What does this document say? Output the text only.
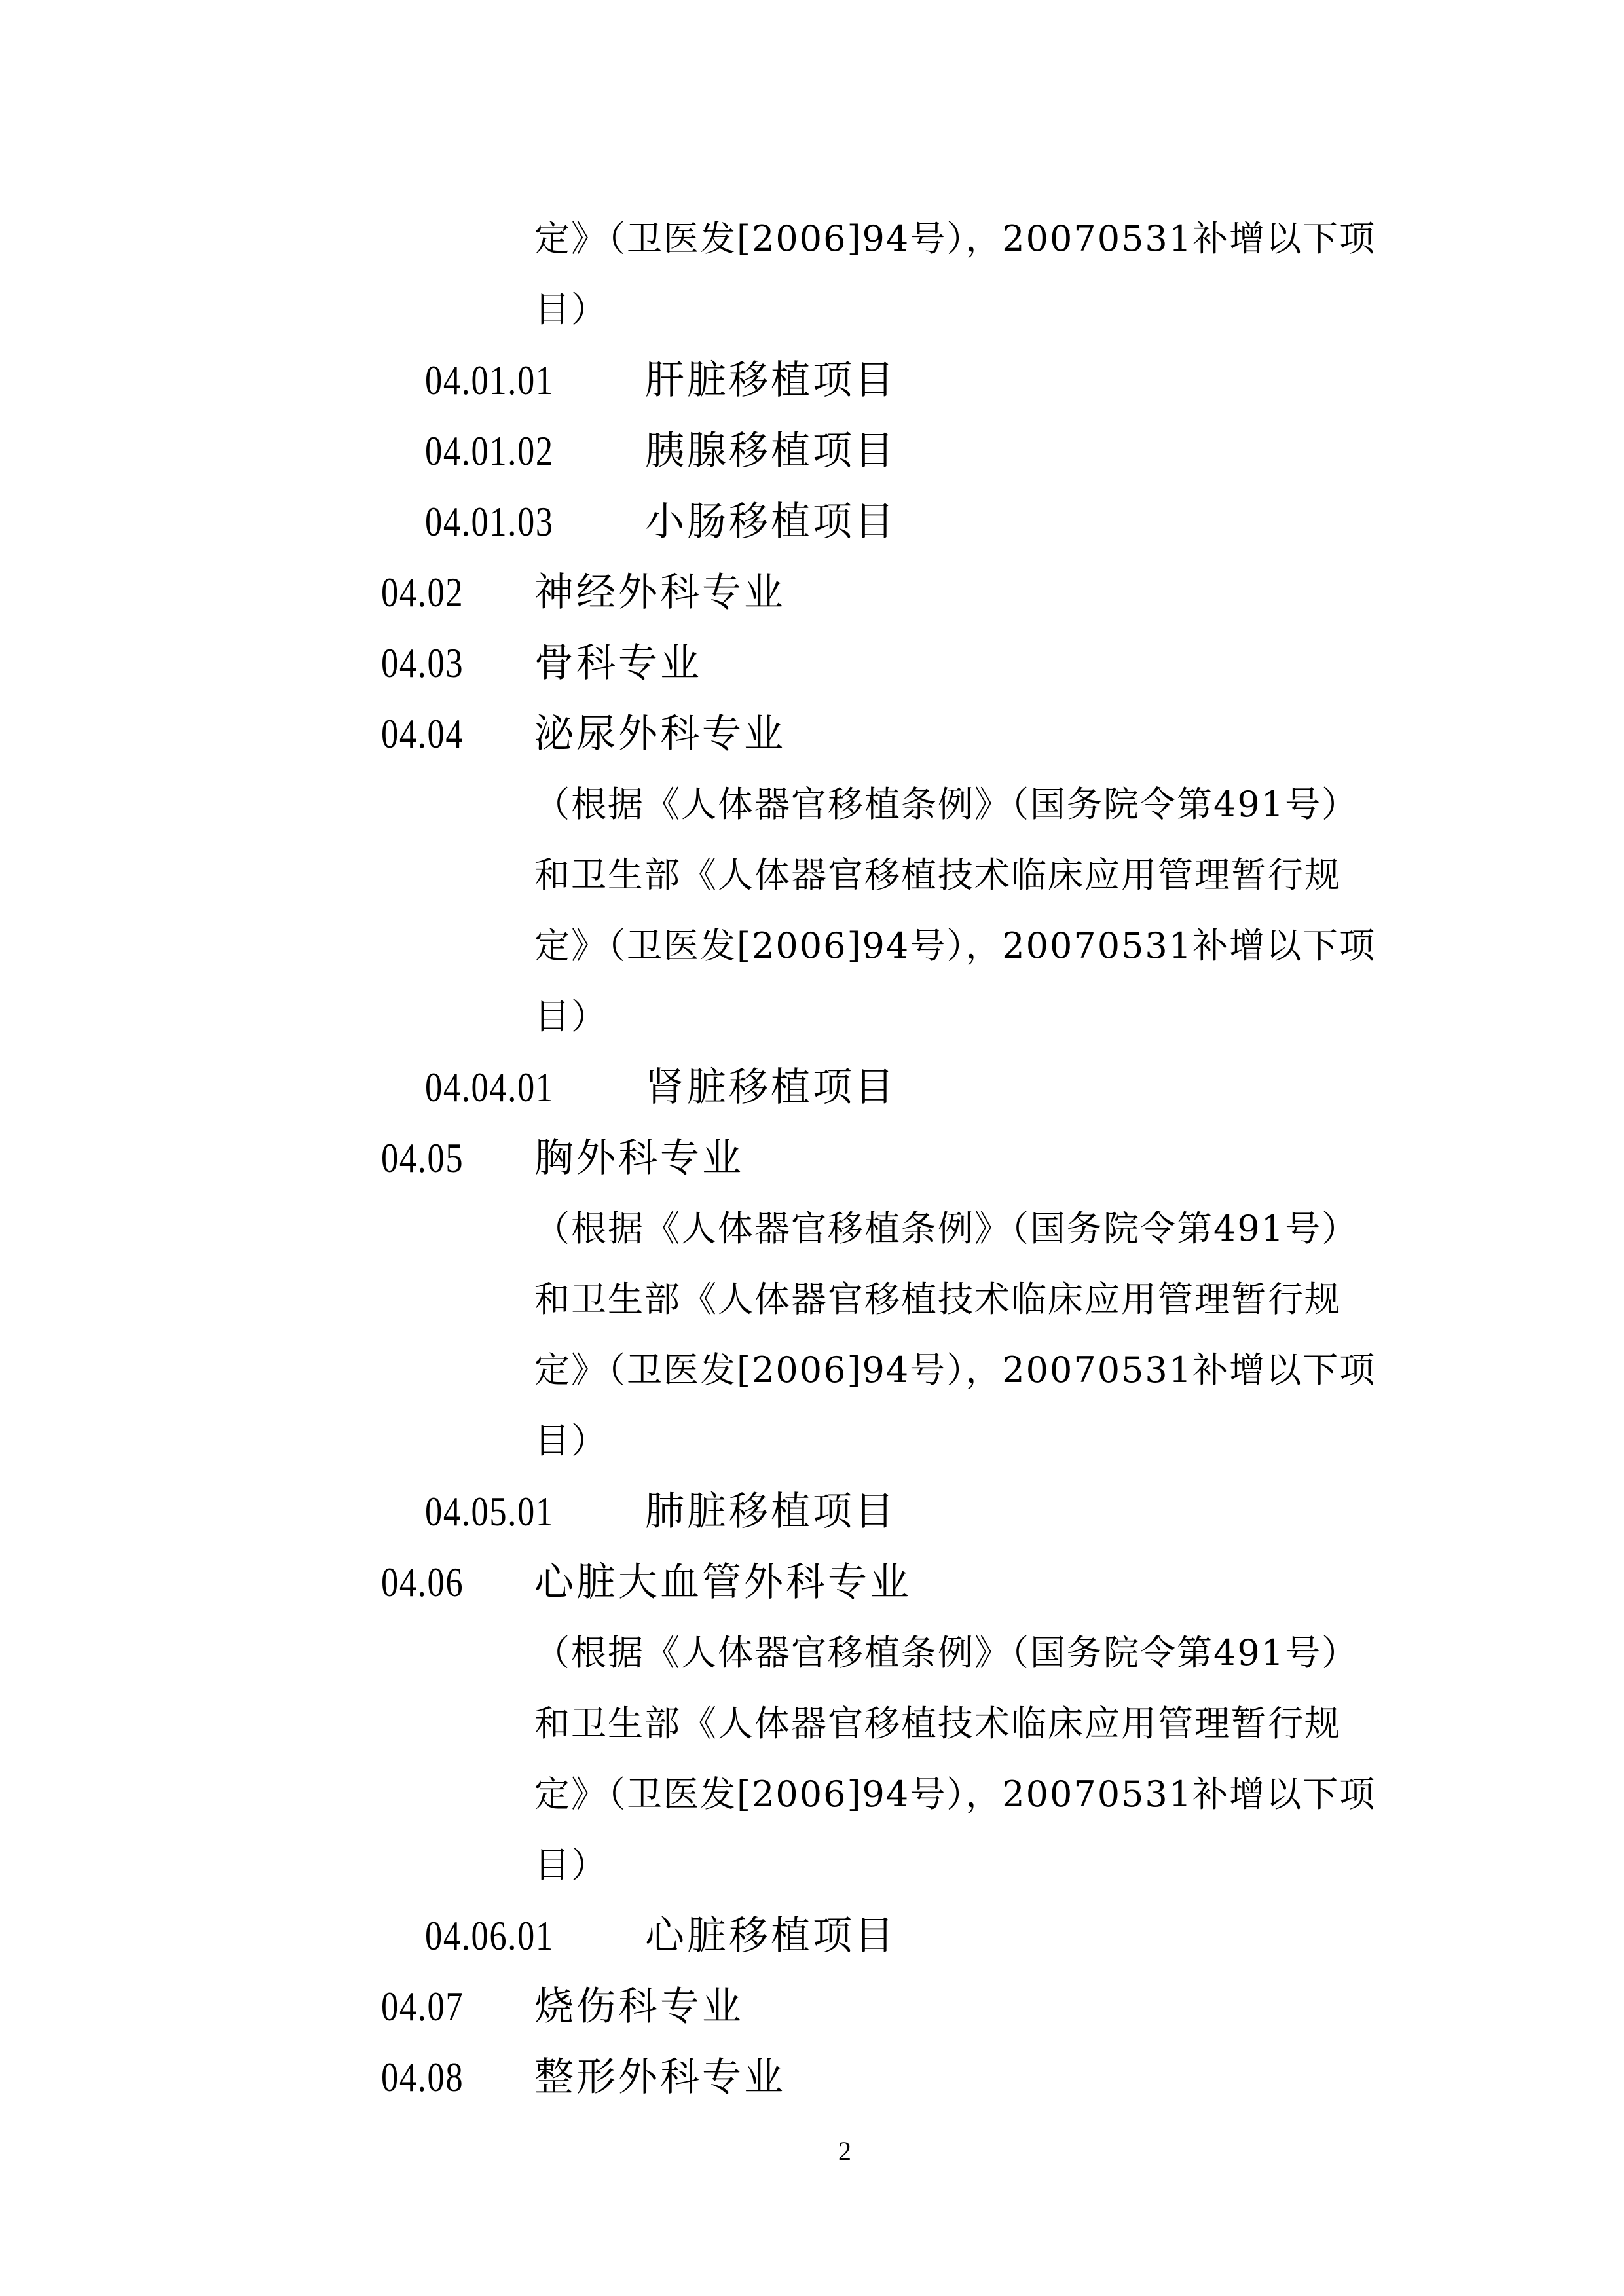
定》（卫医发[2006]94号），20070531补增以下项
目）
04.01.01 肝脏移植项目
04.01.02 胰腺移植项目
04.01.03 小肠移植项目
04.02 神经外科专业
04.03 骨科专业
04.04 泌尿外科专业
（根据《人体器官移植条例》（国务院令第491号）
和卫生部《人体器官移植技术临床应用管理暂行规
定》（卫医发[2006]94号），20070531补增以下项
目）
04.04.01 肾脏移植项目
04.05 胸外科专业
（根据《人体器官移植条例》（国务院令第491号）
和卫生部《人体器官移植技术临床应用管理暂行规
定》（卫医发[2006]94号），20070531补增以下项
目）
04.05.01 肺脏移植项目
04.06 心脏大血管外科专业
（根据《人体器官移植条例》（国务院令第491号）
和卫生部《人体器官移植技术临床应用管理暂行规
定》（卫医发[2006]94号），20070531补增以下项
目）
04.06.01 心脏移植项目
04.07 烧伤科专业
04.08 整形外科专业
2
